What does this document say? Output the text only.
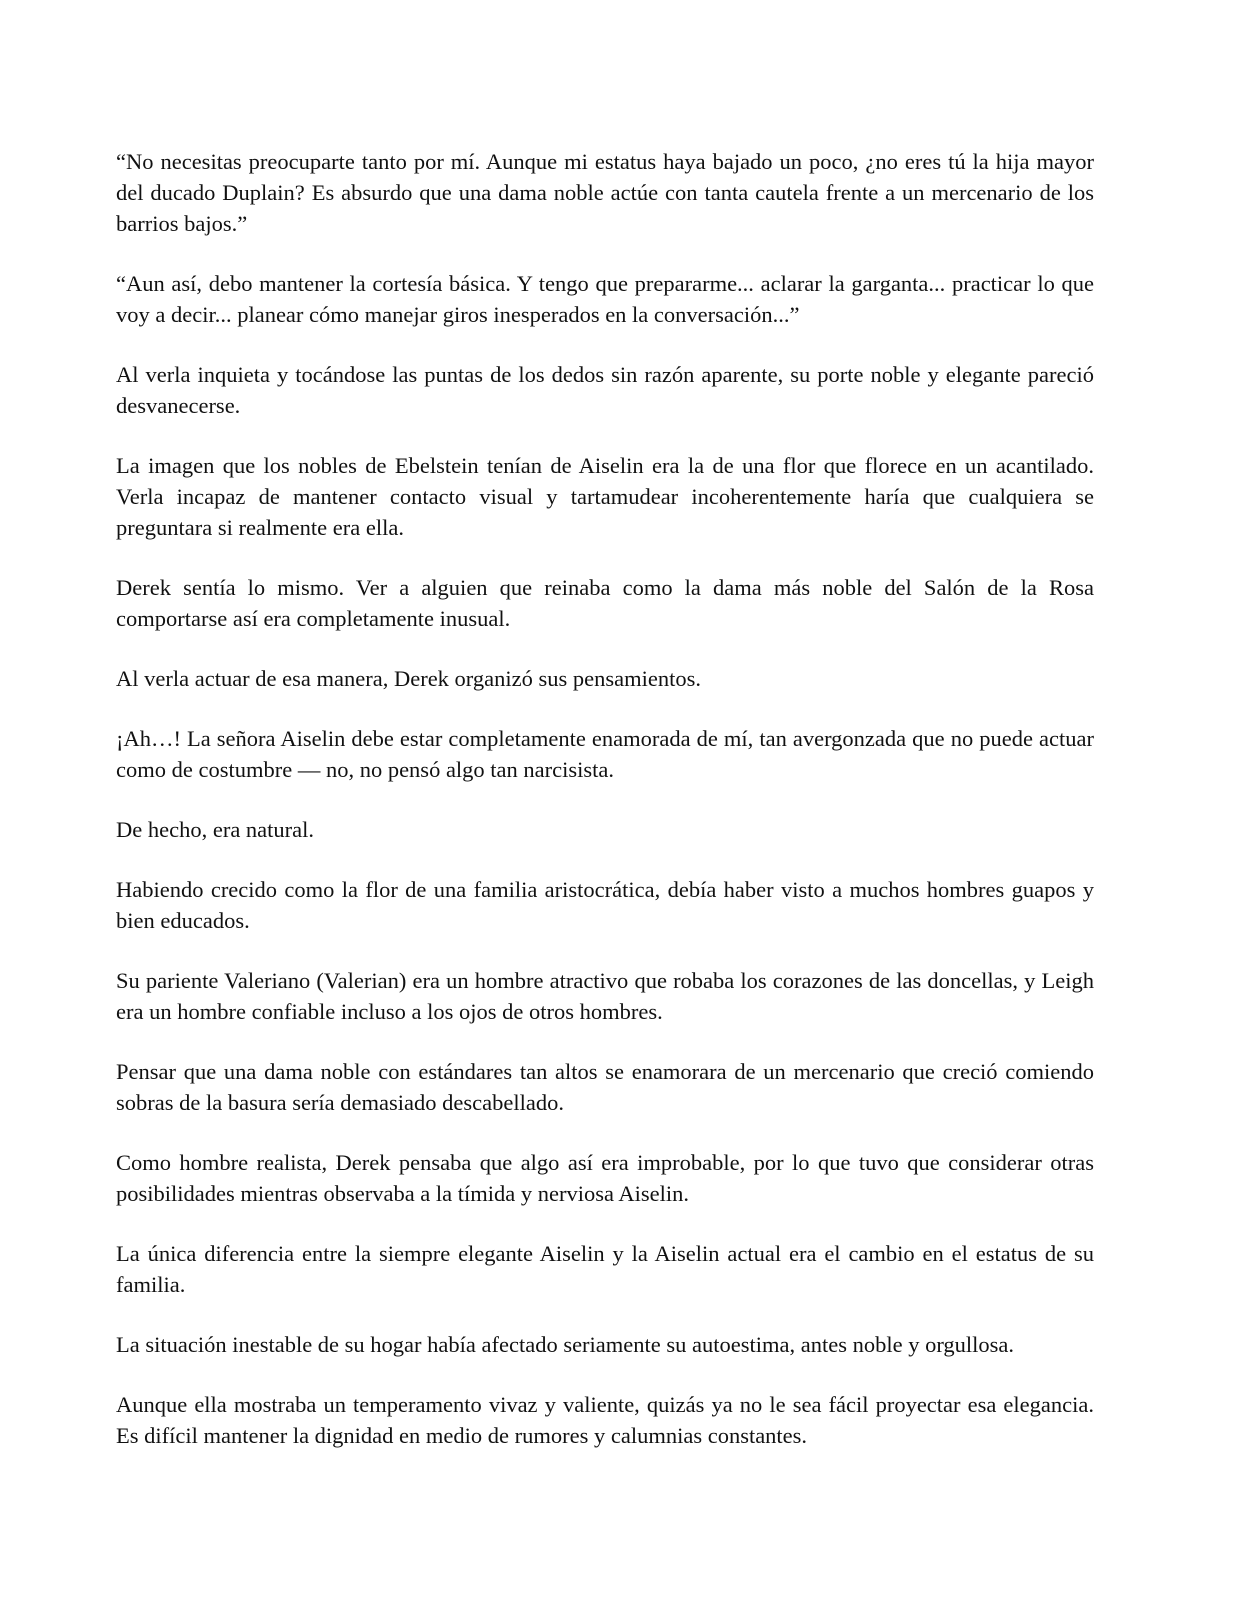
“No necesitas preocuparte tanto por mí. Aunque mi estatus haya bajado un poco, ¿no eres tú la hija mayor del ducado Duplain? Es absurdo que una dama noble actúe con tanta cautela frente a un mercenario de los barrios bajos.”

“Aun así, debo mantener la cortesía básica. Y tengo que prepararme... aclarar la garganta... practicar lo que voy a decir... planear cómo manejar giros inesperados en la conversación...”

Al verla inquieta y tocándose las puntas de los dedos sin razón aparente, su porte noble y elegante pareció desvanecerse.

La imagen que los nobles de Ebelstein tenían de Aiselin era la de una flor que florece en un acantilado. Verla incapaz de mantener contacto visual y tartamudear incoherentemente haría que cualquiera se preguntara si realmente era ella.

Derek sentía lo mismo. Ver a alguien que reinaba como la dama más noble del Salón de la Rosa comportarse así era completamente inusual.

Al verla actuar de esa manera, Derek organizó sus pensamientos.

¡Ah…! La señora Aiselin debe estar completamente enamorada de mí, tan avergonzada que no puede actuar como de costumbre — no, no pensó algo tan narcisista.

De hecho, era natural.

Habiendo crecido como la flor de una familia aristocrática, debía haber visto a muchos hombres guapos y bien educados.

Su pariente Valeriano (Valerian) era un hombre atractivo que robaba los corazones de las doncellas, y Leigh era un hombre confiable incluso a los ojos de otros hombres.

Pensar que una dama noble con estándares tan altos se enamorara de un mercenario que creció comiendo sobras de la basura sería demasiado descabellado.

Como hombre realista, Derek pensaba que algo así era improbable, por lo que tuvo que considerar otras posibilidades mientras observaba a la tímida y nerviosa Aiselin.

La única diferencia entre la siempre elegante Aiselin y la Aiselin actual era el cambio en el estatus de su familia.

La situación inestable de su hogar había afectado seriamente su autoestima, antes noble y orgullosa.

Aunque ella mostraba un temperamento vivaz y valiente, quizás ya no le sea fácil proyectar esa elegancia. Es difícil mantener la dignidad en medio de rumores y calumnias constantes.
